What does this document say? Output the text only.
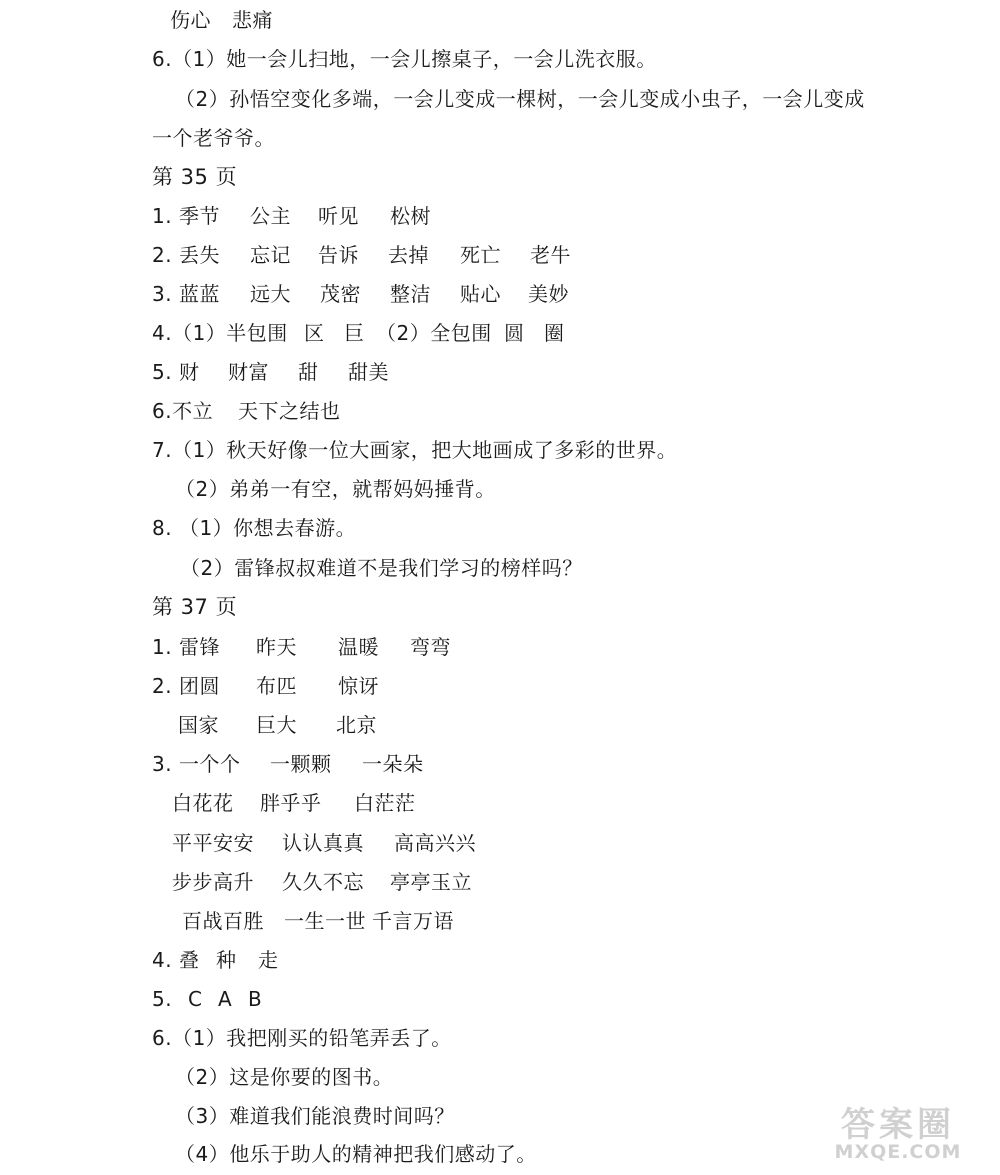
伤心 悲痛
6.（1）她一会儿扫地，一会儿擦桌子，一会儿洗衣服。
（2）孙悟空变化多端，一会儿变成一棵树，一会儿变成小虫子，一会儿变成
一个老爷爷。
第 35 页
1. 季节 公主 听见 松树
2. 丢失 忘记 告诉 去掉 死亡 老牛
3. 蓝蓝 远大 茂密 整洁 贴心 美妙
4.（1）半包围 区 巨 （2）全包围 圆 圈
5. 财 财富 甜 甜美
6.不立 天下之结也
7.（1）秋天好像一位大画家，把大地画成了多彩的世界。
（2）弟弟一有空，就帮妈妈捶背。
8. （1）你想去春游。
（2）雷锋叔叔难道不是我们学习的榜样吗？
第 37 页
1. 雷锋 昨天 温暖 弯弯
2. 团圆 布匹 惊讶
国家 巨大 北京
3. 一个个 一颗颗 一朵朵
白花花 胖乎乎 白茫茫
平平安安 认认真真 高高兴兴
步步高升 久久不忘 亭亭玉立
百战百胜 一生一世 千言万语
4. 叠 种 走
5. C A B
6.（1）我把刚买的铅笔弄丢了。
（2）这是你要的图书。
（3）难道我们能浪费时间吗？
（4）他乐于助人的精神把我们感动了。
答案圈
MXQE.COM
